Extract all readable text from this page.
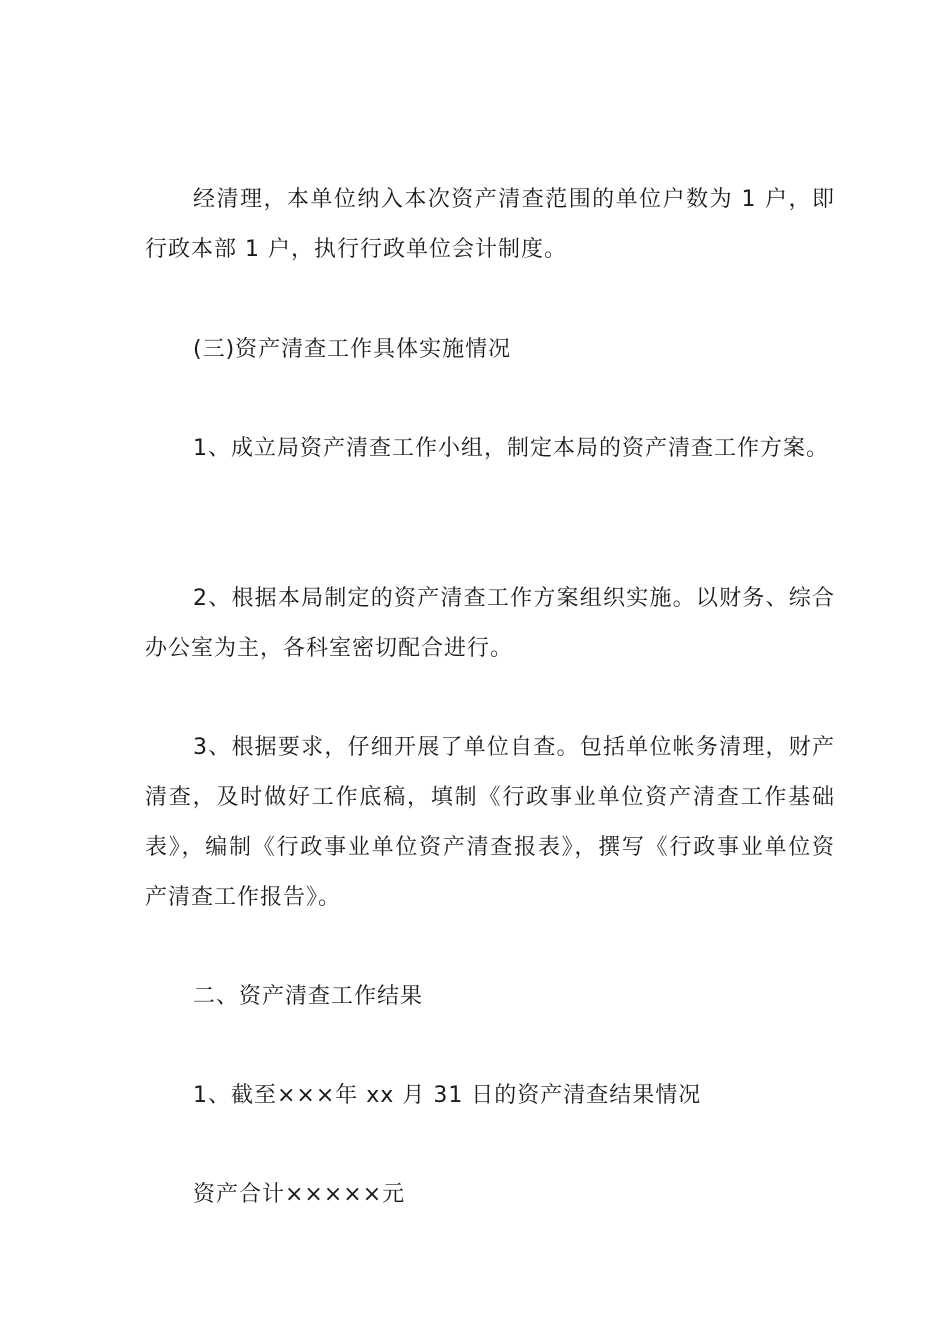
经清理，本单位纳入本次资产清查范围的单位户数为 1 户，即行政本部 1 户，执行行政单位会计制度。

(三)资产清查工作具体实施情况

1、成立局资产清查工作小组，制定本局的资产清查工作方案。

2、根据本局制定的资产清查工作方案组织实施。以财务、综合办公室为主，各科室密切配合进行。

3、根据要求，仔细开展了单位自查。包括单位帐务清理，财产清查，及时做好工作底稿，填制《行政事业单位资产清查工作基础表》，编制《行政事业单位资产清查报表》，撰写《行政事业单位资产清查工作报告》。

二、资产清查工作结果

1、截至×××年 xx 月 31 日的资产清查结果情况

资产合计×××××元
